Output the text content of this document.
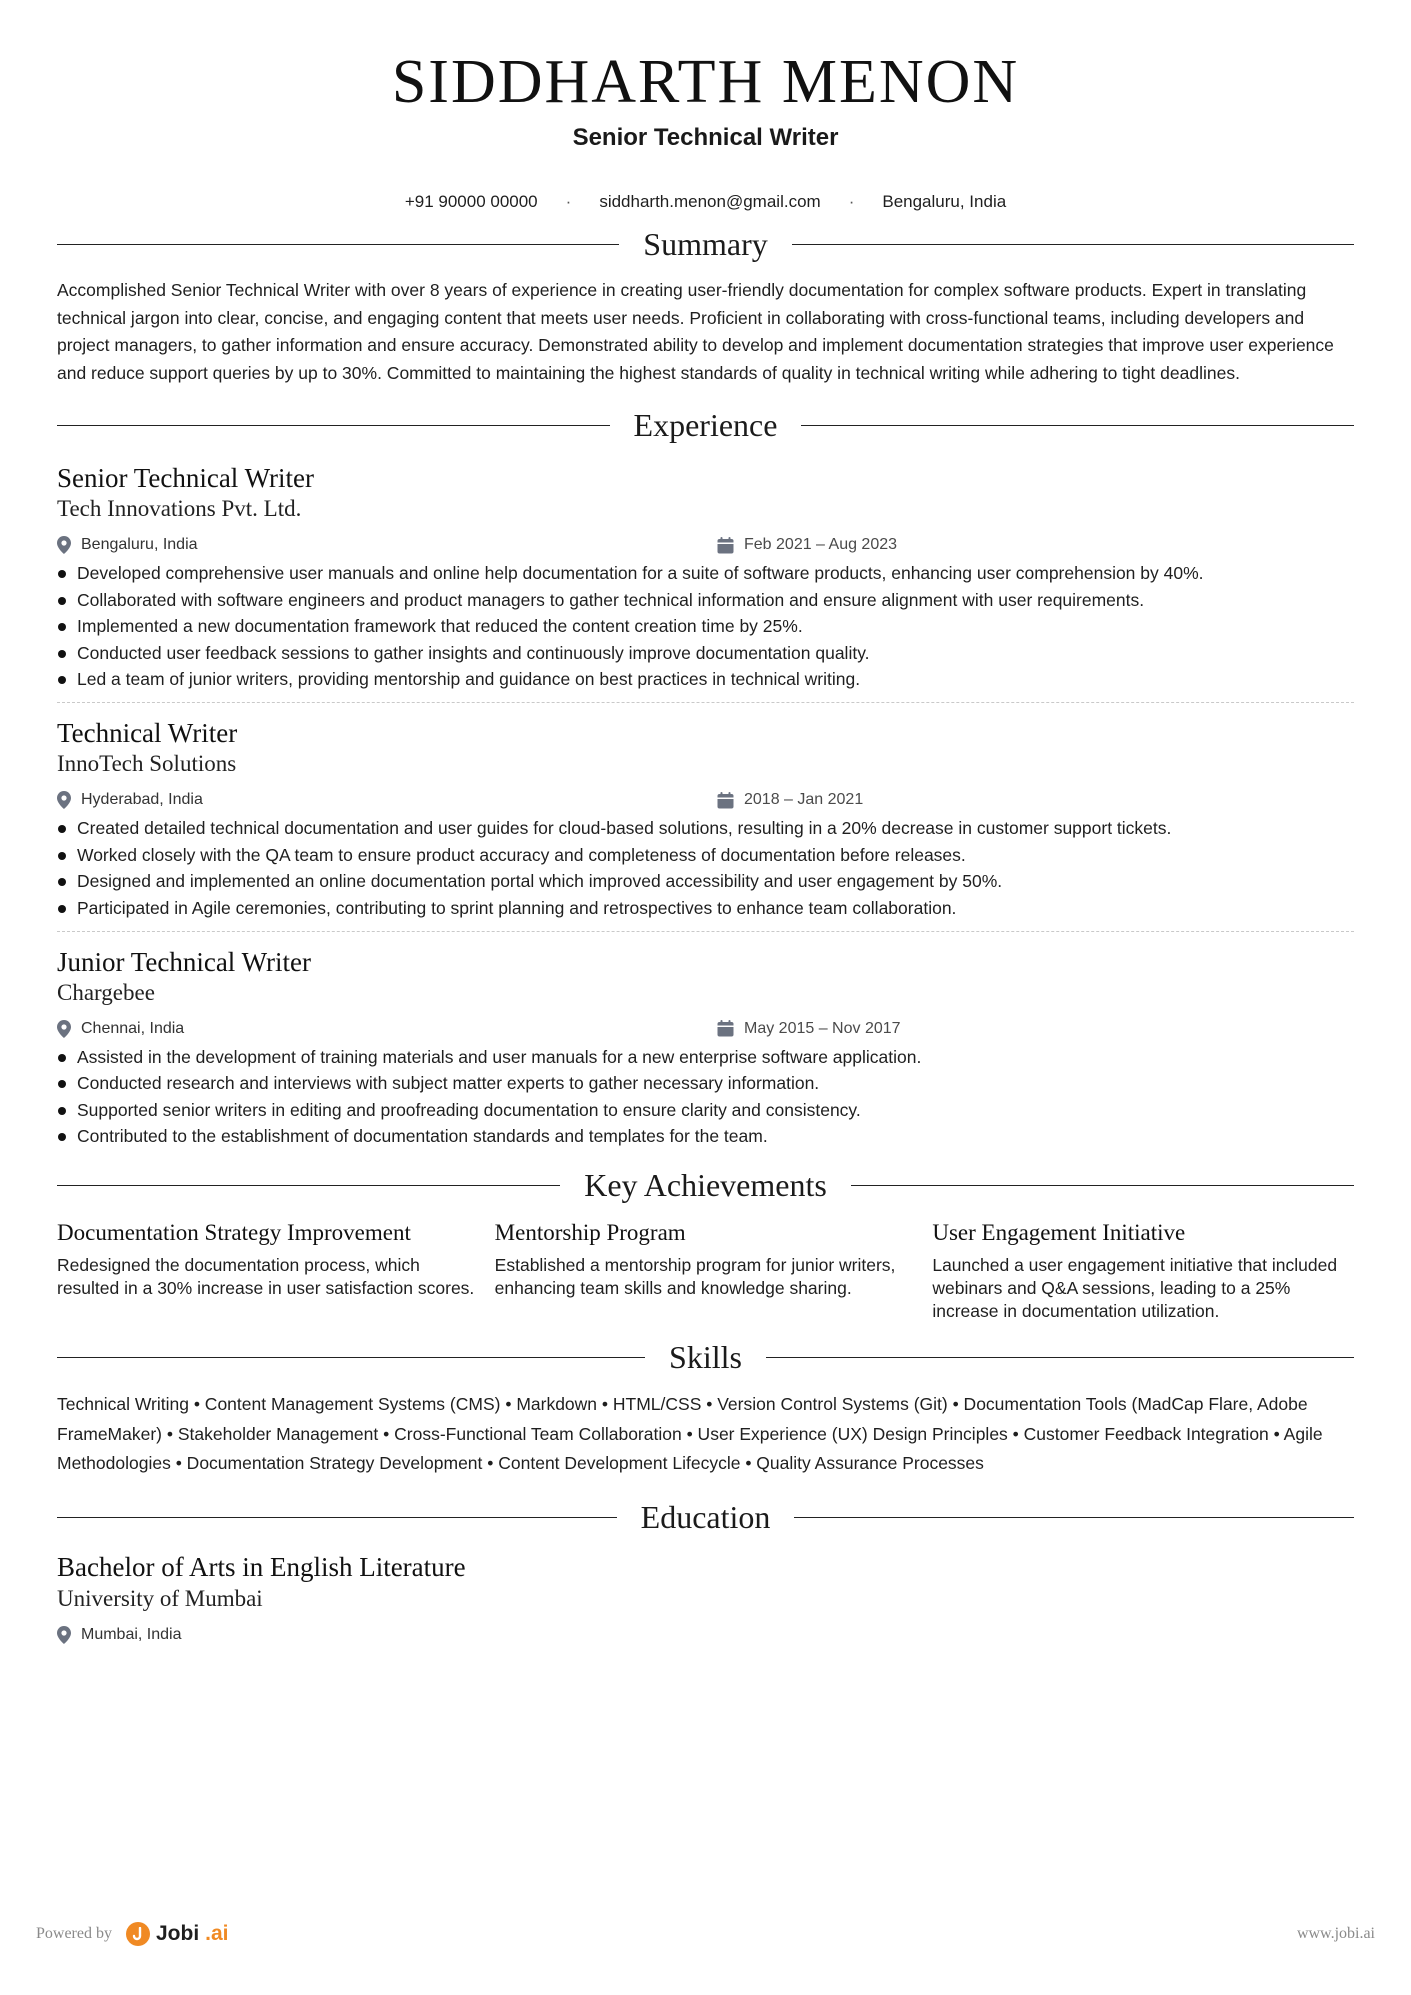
SIDDHARTH MENON
Senior Technical Writer
+91 90000 00000 · siddharth.menon@gmail.com · Bengaluru, India
Summary

Accomplished Senior Technical Writer with over 8 years of experience in creating user-friendly documentation for complex software products. Expert in translating technical jargon into clear, concise, and engaging content that meets user needs. Proficient in collaborating with cross-functional teams, including developers and project managers, to gather information and ensure accuracy. Demonstrated ability to develop and implement documentation strategies that improve user experience and reduce support queries by up to 30%. Committed to maintaining the highest standards of quality in technical writing while adhering to tight deadlines.

Experience
Senior Technical Writer
Tech Innovations Pvt. Ltd.
Bengaluru, India	Feb 2021 – Aug 2023
Developed comprehensive user manuals and online help documentation for a suite of software products, enhancing user comprehension by 40%.
Collaborated with software engineers and product managers to gather technical information and ensure alignment with user requirements.
Implemented a new documentation framework that reduced the content creation time by 25%.
Conducted user feedback sessions to gather insights and continuously improve documentation quality.
Led a team of junior writers, providing mentorship and guidance on best practices in technical writing.
Technical Writer
InnoTech Solutions
Hyderabad, India	2018 – Jan 2021
Created detailed technical documentation and user guides for cloud-based solutions, resulting in a 20% decrease in customer support tickets.
Worked closely with the QA team to ensure product accuracy and completeness of documentation before releases.
Designed and implemented an online documentation portal which improved accessibility and user engagement by 50%.
Participated in Agile ceremonies, contributing to sprint planning and retrospectives to enhance team collaboration.
Junior Technical Writer
Chargebee
Chennai, India	May 2015 – Nov 2017
Assisted in the development of training materials and user manuals for a new enterprise software application.
Conducted research and interviews with subject matter experts to gather necessary information.
Supported senior writers in editing and proofreading documentation to ensure clarity and consistency.
Contributed to the establishment of documentation standards and templates for the team.
Key Achievements
Documentation Strategy Improvement
Redesigned the documentation process, which resulted in a 30% increase in user satisfaction scores.
Mentorship Program
Established a mentorship program for junior writers, enhancing team skills and knowledge sharing.
User Engagement Initiative
Launched a user engagement initiative that included webinars and Q&A sessions, leading to a 25% increase in documentation utilization.
Skills

Technical Writing • Content Management Systems (CMS) • Markdown • HTML/CSS • Version Control Systems (Git) • Documentation Tools (MadCap Flare, Adobe FrameMaker) • Stakeholder Management • Cross-Functional Team Collaboration • User Experience (UX) Design Principles • Customer Feedback Integration • Agile Methodologies • Documentation Strategy Development • Content Development Lifecycle • Quality Assurance Processes

Education
Bachelor of Arts in English Literature
University of Mumbai
Mumbai, India
Powered by Jobi .ai	www.jobi.ai
